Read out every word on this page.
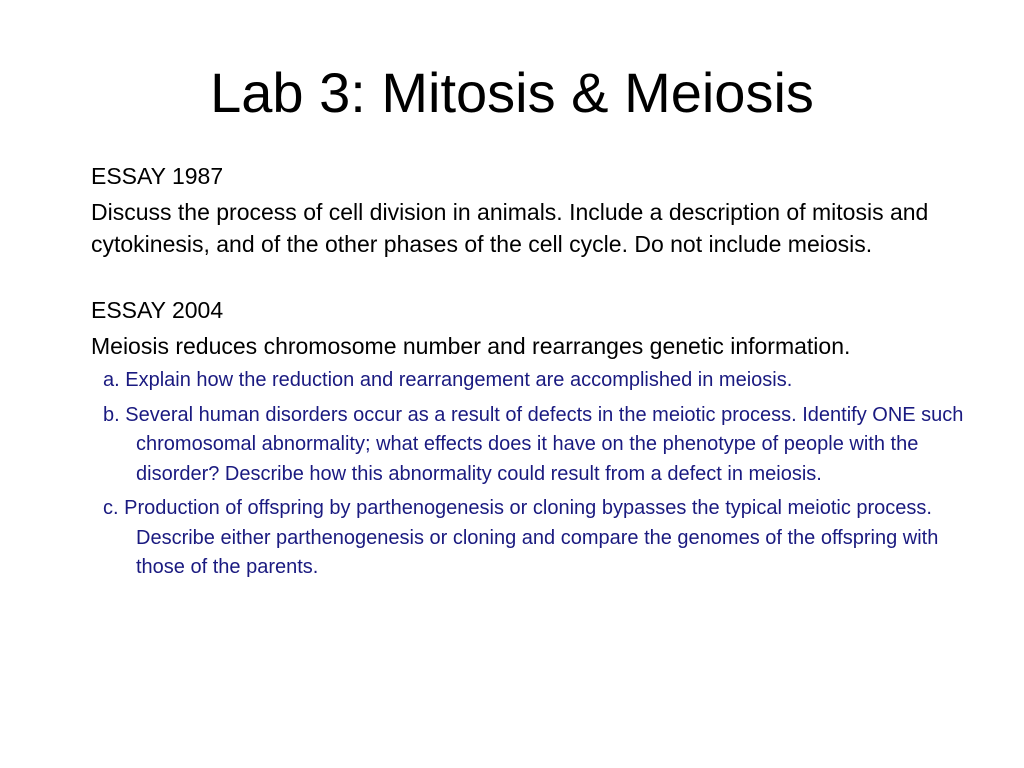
Lab 3: Mitosis & Meiosis

ESSAY 1987

Discuss the process of cell division in animals. Include a description of mitosis and cytokinesis, and of the other phases of the cell cycle. Do not include meiosis.

ESSAY 2004

Meiosis reduces chromosome number and rearranges genetic information.

a. Explain how the reduction and rearrangement are accomplished in meiosis.
b. Several human disorders occur as a result of defects in the meiotic process. Identify ONE such chromosomal abnormality; what effects does it have on the phenotype of people with the disorder? Describe how this abnormality could result from a defect in meiosis.
c. Production of offspring by parthenogenesis or cloning bypasses the typical meiotic process. Describe either parthenogenesis or cloning and compare the genomes of the offspring with those of the parents.
